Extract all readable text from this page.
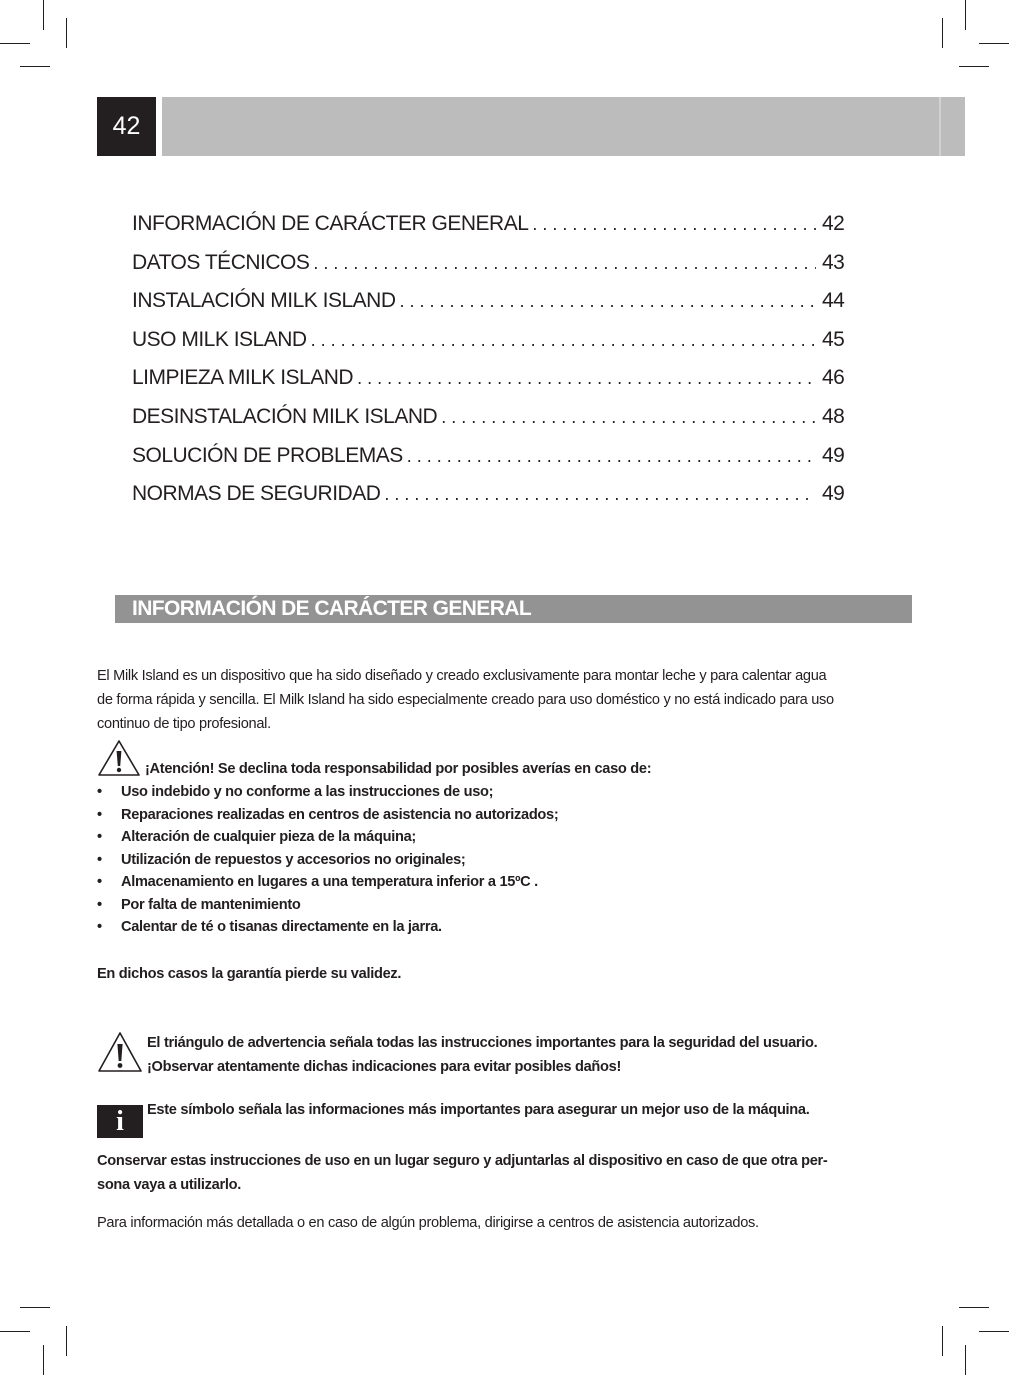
42
INFORMACIÓN DE CARÁCTER GENERAL . . .	42
DATOS TÉCNICOS . . .	43
INSTALACIÓN MILK ISLAND . . .	44
USO MILK ISLAND . . .	45
LIMPIEZA MILK ISLAND . . .	46
DESINSTALACIÓN MILK ISLAND . . .	48
SOLUCIÓN DE PROBLEMAS . . .	49
NORMAS DE SEGURIDAD . . .	49
INFORMACIÓN DE CARÁCTER GENERAL
El Milk Island es un dispositivo que ha sido diseñado y creado exclusivamente para montar leche y para calentar agua
de forma rápida y sencilla. El Milk Island ha sido especialmente creado para uso doméstico y no está indicado para uso
continuo de tipo profesional.
¡Atención! Se declina toda responsabilidad por posibles averías en caso de:
• Uso indebido y no conforme a las instrucciones de uso;
• Reparaciones realizadas en centros de asistencia no autorizados;
• Alteración de cualquier pieza de la máquina;
• Utilización de repuestos y accesorios no originales;
• Almacenamiento en lugares a una temperatura inferior a 15ºC .
• Por falta de mantenimiento
• Calentar de té o tisanas directamente en la jarra.
En dichos casos la garantía pierde su validez.
El triángulo de advertencia señala todas las instrucciones importantes para la seguridad del usuario.
¡Observar atentamente dichas indicaciones para evitar posibles daños!
i	Este símbolo señala las informaciones más importantes para asegurar un mejor uso de la máquina.
Conservar estas instrucciones de uso en un lugar seguro y adjuntarlas al dispositivo en caso de que otra per-
sona vaya a utilizarlo.
Para información más detallada o en caso de algún problema, dirigirse a centros de asistencia autorizados.
